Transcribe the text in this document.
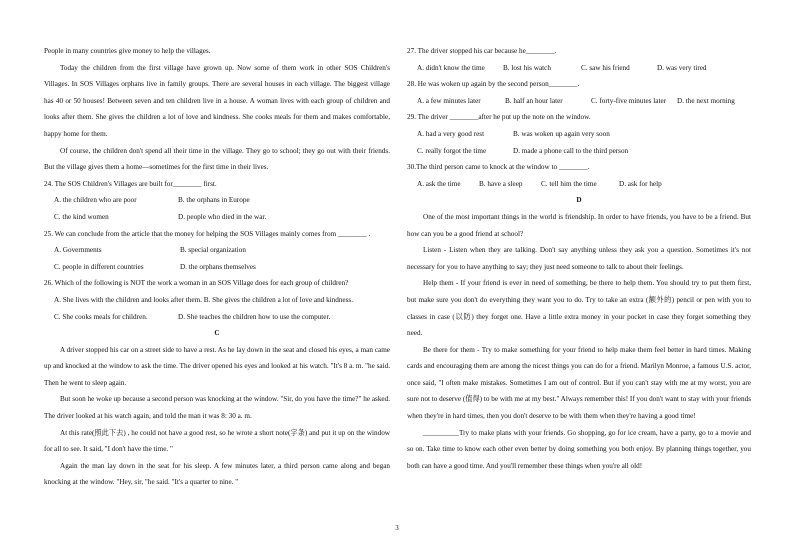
People in many countries give money to help the villages.

Today the children from the first village have grown up. Now some of them work in other SOS Children's Villages. In SOS Villages orphans live in family groups. There are several houses in each village. The biggest village has 40 or 50 houses! Between seven and ten children live in a house. A woman lives with each group of children and looks after them. She gives the children a lot of love and kindness. She cooks meals for them and makes comfortable, happy home for them.

Of course, the children don't spend all their time in the village. They go to school; they go out with their friends. But the village gives them a home—sometimes for the first time in their lives.

24. The SOS Children's Villages are built for________ first.

A. the children who are poor	B. the orphans in Europe
C. the kind women	D. people who died in the war.

25. We can conclude from the article that the money for helping the SOS Villages mainly comes from ________ .

A. Governments	B. special organization
C. people in different countries	D. the orphans themselves

26. Which of the following is NOT the work a woman in an SOS Village does for each group of children?

A. She lives with the children and looks after them. B. She gives the children a lot of love and kindness.
C. She cooks meals for children.	D. She teaches the children how to use the computer.

C

A driver stopped his car on a street side to have a rest. As he lay down in the seat and closed his eyes, a man came up and knocked at the window to ask the time. The driver opened his eyes and looked at his watch. "It's 8 a. m. "he said. Then he went to sleep again.

But soon he woke up because a second person was knocking at the window. "Sir, do you have the time?" he asked. The driver looked at his watch again, and told the man it was 8: 30 a. m.

At this rate(照此下去) , he could not have a good rest, so he wrote a short note(字条) and put it up on the window for all to see. It said, "I don't have the time. "

Again the man lay down in the seat for his sleep. A few minutes later, a third person came along and began knocking at the window. "Hey, sir, "he said. "It's a quarter to nine. "

27. The driver stopped his car because he________.

A. didn't know the time	B. lost his watch	C. saw his friend	D. was very tired

28. He was woken up again by the second person________.

A. a few minutes later	B. half an hour later	C. forty-five minutes later	D. the next morning

29. The driver ________after he put up the note on the window.

A. had a very good rest	B. was woken up again very soon
C. really forgot the time	D. made a phone call to the third person

30.The third person came to knock at the window to ________.

A. ask the time	B. have a sleep	C. tell him the time	D. ask for help

D

One of the most important things in the world is friendship. In order to have friends, you have to be a friend. But how can you be a good friend at school?

Listen - Listen when they are talking. Don't say anything unless they ask you a question. Sometimes it's not necessary for you to have anything to say; they just need someone to talk to about their feelings.

Help them - If your friend is ever in need of something, be there to help them. You should try to put them first, but make sure you don't do everything they want you to do. Try to take an extra (额外的) pencil or pen with you to classes in case (以防) they forget one. Have a little extra money in your pocket in case they forget something they need.

Be there for them - Try to make something for your friend to help make them feel better in hard times. Making cards and encouraging them are among the nicest things you can do for a friend. Marilyn Monroe, a famous U.S. actor, once said, "I often make mistakes. Sometimes I am out of control. But if you can't stay with me at my worst, you are sure not to deserve (值得) to be with me at my best." Always remember this! If you don't want to stay with your friends when they're in hard times, then you don't deserve to be with them when they're having a good time!

__________Try to make plans with your friends. Go shopping, go for ice cream, have a party, go to a movie and so on. Take time to know each other even better by doing something you both enjoy. By planning things together, you both can have a good time. And you'll remember these things when you're all old!

3
